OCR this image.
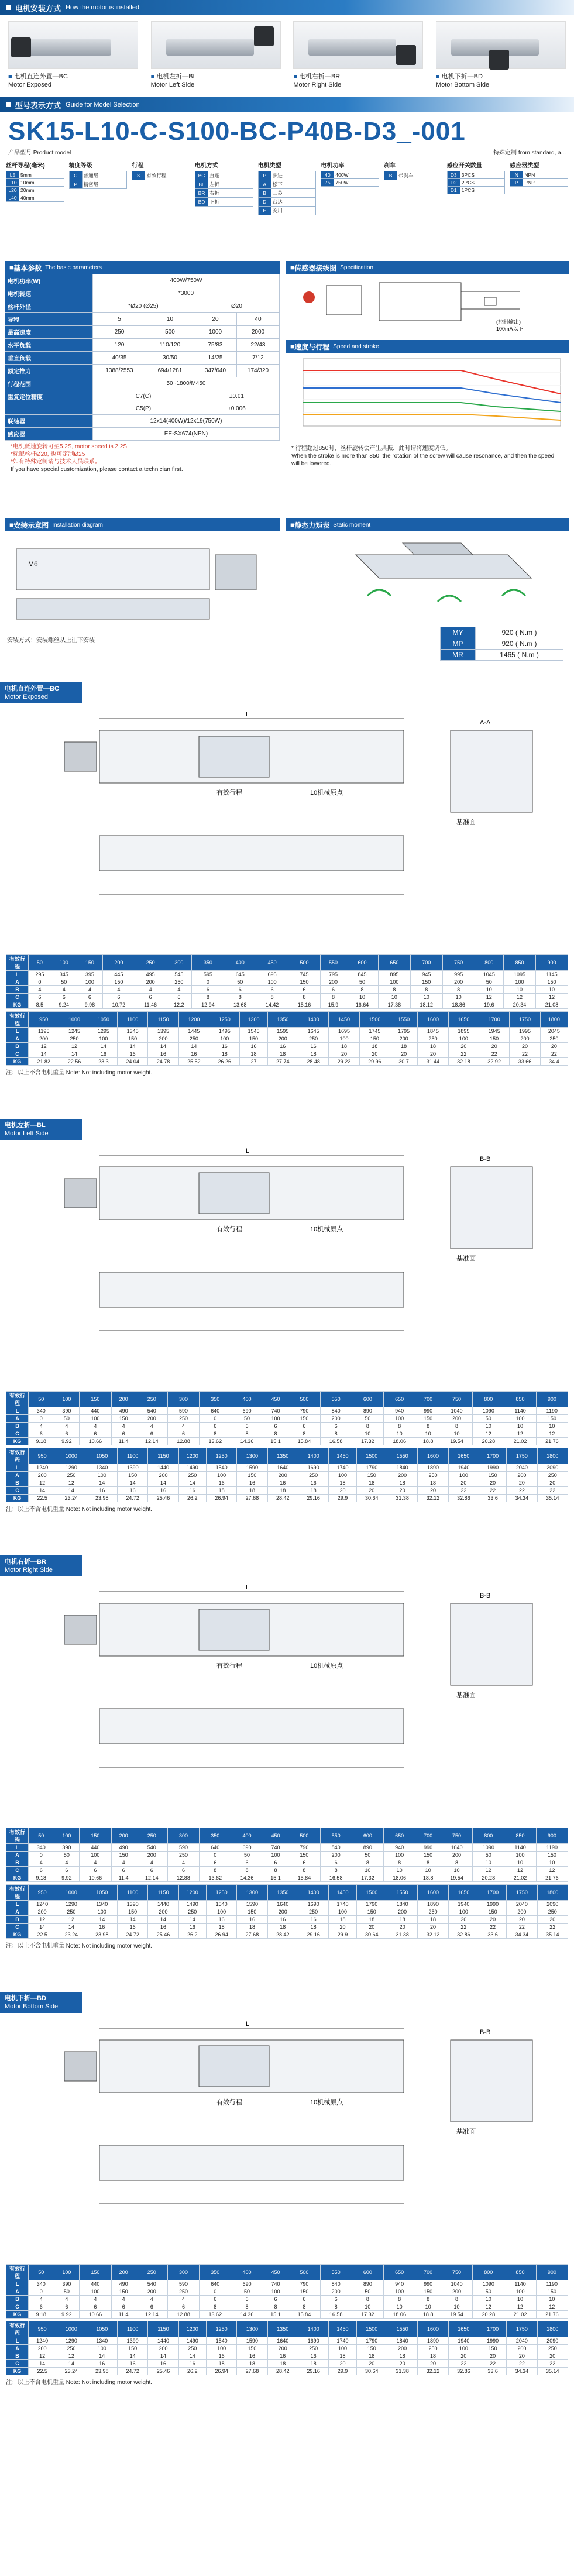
电机安装方式 How the motor is installed
■ 电机直连外置—BC
Motor Exposed
■ 电机左折—BL
Motor Left Side
■ 电机右折—BR
Motor Right Side
■ 电机下折—BD
Motor Bottom Side
型号表示方式 Guide for Model Selection
SK15-L10-C-S100-BC-P40B-D3_-001
产品型号 Product model	特殊定制 from standard, a...
丝杆导程(毫米)
L5	5mm
L10	10mm
L20	20mm
L40	40mm
精度等级
C	普通级
P	精密级
行程
S	有效行程
电机方式
BC	直连
BL	左折
BR	右折
BD	下折
电机类型
P	步进
A	松下
B	三菱
D	台达
E	安川
电机功率
40	400W
75	750W
刹车
B	带刹车
感应开关数量
D3	3PCS
D2	2PCS
D1	1PCS
感应器类型
N	NPN
P	PNP
■ 基本参数 The basic parameters
电机功率(W)	400W/750W			
电机转速	*3000			
丝杆外径	*Ø20 (Ø25)		Ø20	
导程	5	10	20	40
最高速度	250	500	1000	2000
水平负载	120	110/120	75/83	22/43
垂直负载	40/35	30/50	14/25	7/12
额定推力	1388/2553	694/1281	347/640	174/320
行程范围	50~1800/M450			
重复定位精度	C7(C)		±0.01	
	C5(P)		±0.006	
联轴器	12x14(400W)/12x19(750W)			
感应器	EE-SX674(NPN)			
*电机低速旋转可至5.2S, motor speed is 2.2S
*标配丝杆Ø20, 也可定制Ø25
*如有特殊定制请与技术人员联系。
If you have special customization, please contact a technician first.
■ 传感器接线图 Specification
(控制输出)
100mA以下
■ 速度与行程 Speed and stroke
* 行程超过850时，丝杆旋转会产生共振，此时请将速度调低。
When the stroke is more than 850, the rotation of the screw will cause resonance, and then the speed will be lowered.
■ 安装示意图 Installation diagram
M6
安装方式：安装螺丝从上往下安装
■ 静态力矩表 Static moment
MY	920 ( N.m )
MP	920 ( N.m )
MR	1465 ( N.m )
电机直连外置—BC
Motor Exposed
L
有效行程	10机械原点
A-A
基准面
有效行程	50	100	150	200	250	300	350	400	450	500	550	600	650	700	750	800	850	900
L	295	345	395	445	495	545	595	645	695	745	795	845	895	945	995	1045	1095	1145
A	0	50	100	150	200	250	0	50	100	150	200	50	100	150	200	50	100	150
B	4	4	4	4	4	4	6	6	6	6	6	8	8	8	8	10	10	10
C	6	6	6	6	6	6	8	8	8	8	8	10	10	10	10	12	12	12
KG	8.5	9.24	9.98	10.72	11.46	12.2	12.94	13.68	14.42	15.16	15.9	16.64	17.38	18.12	18.86	19.6	20.34	21.08
有效行程	950	1000	1050	1100	1150	1200	1250	1300	1350	1400	1450	1500	1550	1600	1650	1700	1750	1800
L	1195	1245	1295	1345	1395	1445	1495	1545	1595	1645	1695	1745	1795	1845	1895	1945	1995	2045
A	200	250	100	150	200	250	100	150	200	250	100	150	200	250	100	150	200	250
B	12	12	14	14	14	14	16	16	16	16	18	18	18	18	20	20	20	20
C	14	14	16	16	16	16	18	18	18	18	20	20	20	20	22	22	22	22
KG	21.82	22.56	23.3	24.04	24.78	25.52	26.26	27	27.74	28.48	29.22	29.96	30.7	31.44	32.18	32.92	33.66	34.4
注：以上不含电机重量 Note: Not including motor weight.
电机左折—BL
Motor Left Side
L
有效行程	10机械原点
B-B
基准面
有效行程	50	100	150	200	250	300	350	400	450	500	550	600	650	700	750	800	850	900
L	340	390	440	490	540	590	640	690	740	790	840	890	940	990	1040	1090	1140	1190
A	0	50	100	150	200	250	0	50	100	150	200	50	100	150	200	50	100	150
B	4	4	4	4	4	4	6	6	6	6	6	8	8	8	8	10	10	10
C	6	6	6	6	6	6	8	8	8	8	8	10	10	10	10	12	12	12
KG	9.18	9.92	10.66	11.4	12.14	12.88	13.62	14.36	15.1	15.84	16.58	17.32	18.06	18.8	19.54	20.28	21.02	21.76
有效行程	950	1000	1050	1100	1150	1200	1250	1300	1350	1400	1450	1500	1550	1600	1650	1700	1750	1800
L	1240	1290	1340	1390	1440	1490	1540	1590	1640	1690	1740	1790	1840	1890	1940	1990	2040	2090
A	200	250	100	150	200	250	100	150	200	250	100	150	200	250	100	150	200	250
B	12	12	14	14	14	14	16	16	16	16	18	18	18	18	20	20	20	20
C	14	14	16	16	16	16	18	18	18	18	20	20	20	20	22	22	22	22
KG	22.5	23.24	23.98	24.72	25.46	26.2	26.94	27.68	28.42	29.16	29.9	30.64	31.38	32.12	32.86	33.6	34.34	35.14
注：以上不含电机重量 Note: Not including motor weight.
电机右折—BR
Motor Right Side
L
有效行程	10机械原点
B-B
基准面
有效行程	50	100	150	200	250	300	350	400	450	500	550	600	650	700	750	800	850	900
L	340	390	440	490	540	590	640	690	740	790	840	890	940	990	1040	1090	1140	1190
A	0	50	100	150	200	250	0	50	100	150	200	50	100	150	200	50	100	150
B	4	4	4	4	4	4	6	6	6	6	6	8	8	8	8	10	10	10
C	6	6	6	6	6	6	8	8	8	8	8	10	10	10	10	12	12	12
KG	9.18	9.92	10.66	11.4	12.14	12.88	13.62	14.36	15.1	15.84	16.58	17.32	18.06	18.8	19.54	20.28	21.02	21.76
有效行程	950	1000	1050	1100	1150	1200	1250	1300	1350	1400	1450	1500	1550	1600	1650	1700	1750	1800
L	1240	1290	1340	1390	1440	1490	1540	1590	1640	1690	1740	1790	1840	1890	1940	1990	2040	2090
A	200	250	100	150	200	250	100	150	200	250	100	150	200	250	100	150	200	250
B	12	12	14	14	14	14	16	16	16	16	18	18	18	18	20	20	20	20
C	14	14	16	16	16	16	18	18	18	18	20	20	20	20	22	22	22	22
KG	22.5	23.24	23.98	24.72	25.46	26.2	26.94	27.68	28.42	29.16	29.9	30.64	31.38	32.12	32.86	33.6	34.34	35.14
注：以上不含电机重量 Note: Not including motor weight.
电机下折—BD
Motor Bottom Side
L
有效行程	10机械原点
B-B
基准面
有效行程	50	100	150	200	250	300	350	400	450	500	550	600	650	700	750	800	850	900
L	340	390	440	490	540	590	640	690	740	790	840	890	940	990	1040	1090	1140	1190
A	0	50	100	150	200	250	0	50	100	150	200	50	100	150	200	50	100	150
B	4	4	4	4	4	4	6	6	6	6	6	8	8	8	8	10	10	10
C	6	6	6	6	6	6	8	8	8	8	8	10	10	10	10	12	12	12
KG	9.18	9.92	10.66	11.4	12.14	12.88	13.62	14.36	15.1	15.84	16.58	17.32	18.06	18.8	19.54	20.28	21.02	21.76
有效行程	950	1000	1050	1100	1150	1200	1250	1300	1350	1400	1450	1500	1550	1600	1650	1700	1750	1800
L	1240	1290	1340	1390	1440	1490	1540	1590	1640	1690	1740	1790	1840	1890	1940	1990	2040	2090
A	200	250	100	150	200	250	100	150	200	250	100	150	200	250	100	150	200	250
B	12	12	14	14	14	14	16	16	16	16	18	18	18	18	20	20	20	20
C	14	14	16	16	16	16	18	18	18	18	20	20	20	20	22	22	22	22
KG	22.5	23.24	23.98	24.72	25.46	26.2	26.94	27.68	28.42	29.16	29.9	30.64	31.38	32.12	32.86	33.6	34.34	35.14
注：以上不含电机重量 Note: Not including motor weight.
